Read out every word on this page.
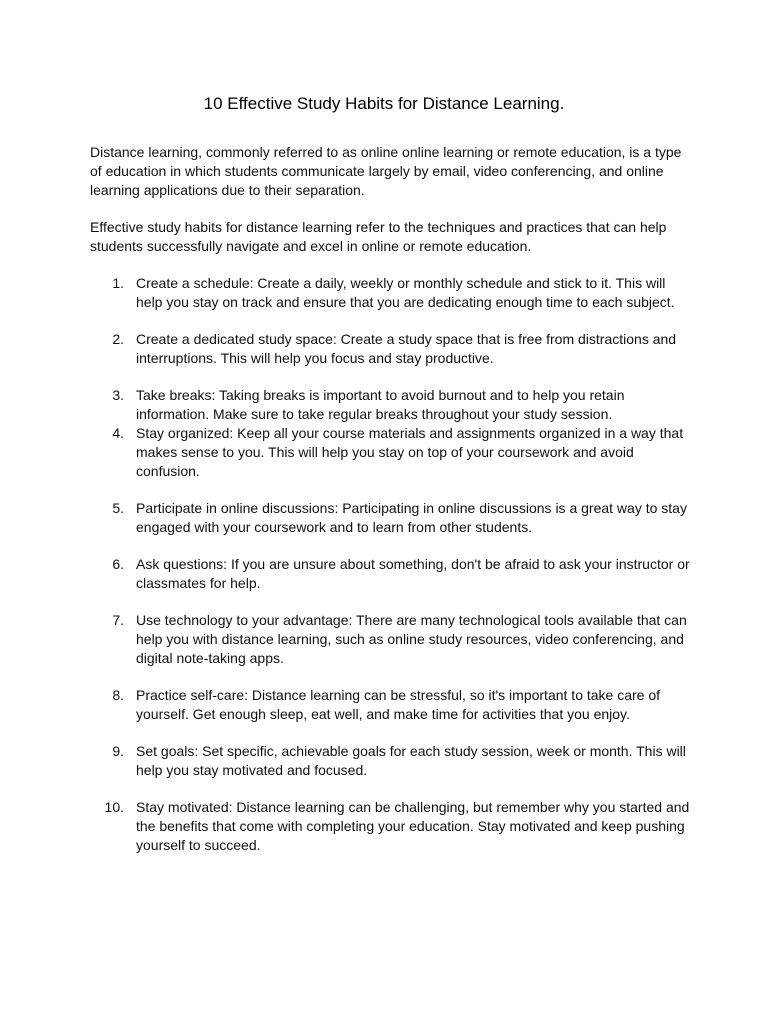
10 Effective Study Habits for Distance Learning.

Distance learning, commonly referred to as online online learning or remote education, is a type of education in which students communicate largely by email, video conferencing, and online learning applications due to their separation.

Effective study habits for distance learning refer to the techniques and practices that can help students successfully navigate and excel in online or remote education.

1. Create a schedule: Create a daily, weekly or monthly schedule and stick to it. This will help you stay on track and ensure that you are dedicating enough time to each subject.
2. Create a dedicated study space: Create a study space that is free from distractions and interruptions. This will help you focus and stay productive.
3. Take breaks: Taking breaks is important to avoid burnout and to help you retain information. Make sure to take regular breaks throughout your study session.
4. Stay organized: Keep all your course materials and assignments organized in a way that makes sense to you. This will help you stay on top of your coursework and avoid confusion.
5. Participate in online discussions: Participating in online discussions is a great way to stay engaged with your coursework and to learn from other students.
6. Ask questions: If you are unsure about something, don't be afraid to ask your instructor or classmates for help.
7. Use technology to your advantage: There are many technological tools available that can help you with distance learning, such as online study resources, video conferencing, and digital note-taking apps.
8. Practice self-care: Distance learning can be stressful, so it's important to take care of yourself. Get enough sleep, eat well, and make time for activities that you enjoy.
9. Set goals: Set specific, achievable goals for each study session, week or month. This will help you stay motivated and focused.
10. Stay motivated: Distance learning can be challenging, but remember why you started and the benefits that come with completing your education. Stay motivated and keep pushing yourself to succeed.
